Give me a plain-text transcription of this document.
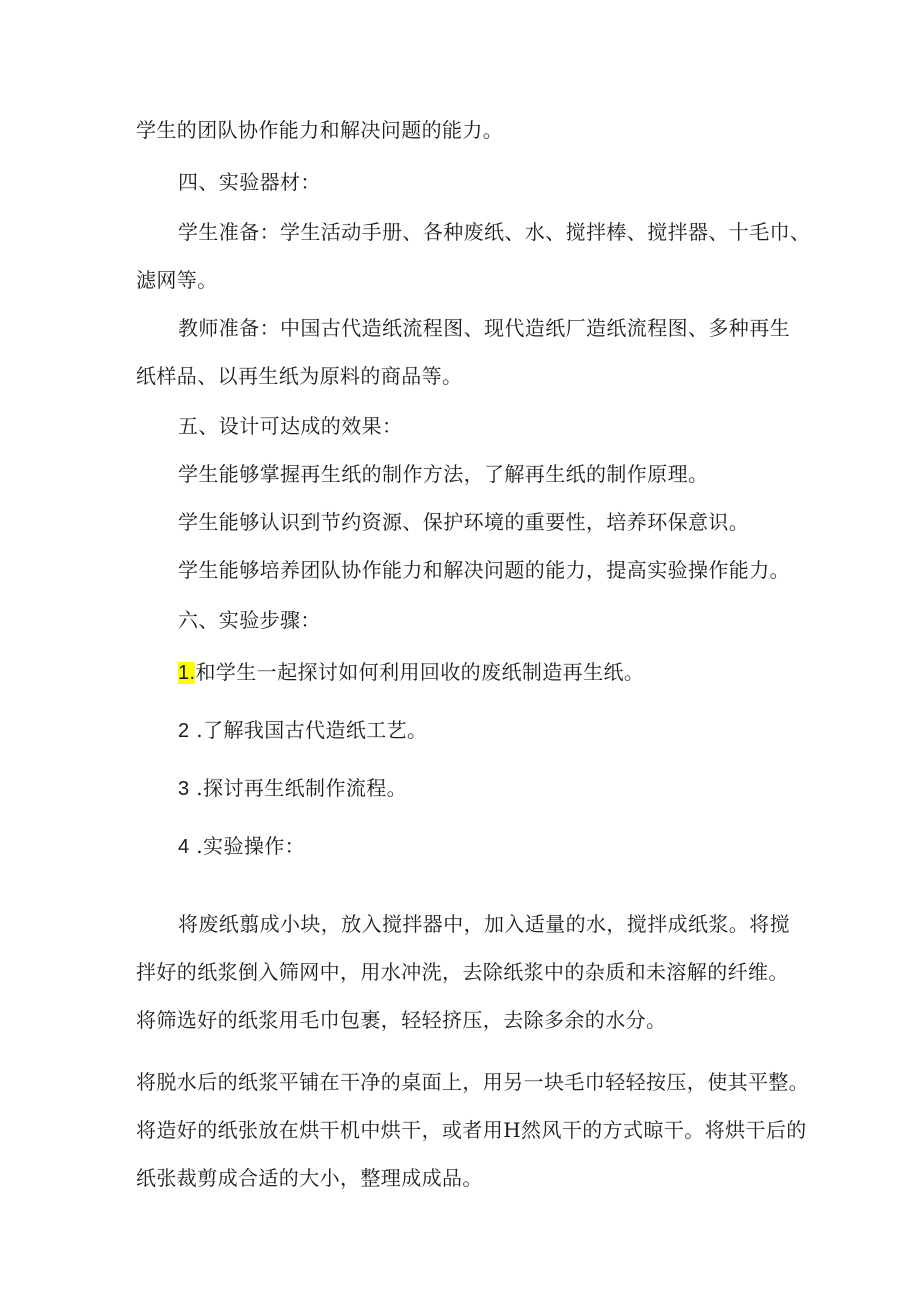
学生的团队协作能力和解决问题的能力。
四、实验器材：
学生准备：学生活动手册、各种废纸、水、搅拌棒、搅拌器、十毛巾、
滤网等。
教师准备：中国古代造纸流程图、现代造纸厂造纸流程图、多种再生
纸样品、以再生纸为原料的商品等。
五、设计可达成的效果：
学生能够掌握再生纸的制作方法，了解再生纸的制作原理。
学生能够认识到节约资源、保护环境的重要性，培养环保意识。
学生能够培养团队协作能力和解决问题的能力，提高实验操作能力。
六、实验步骤：
1.和学生一起探讨如何利用回收的废纸制造再生纸。
2 .了解我国古代造纸工艺。
3 .探讨再生纸制作流程。
4 .实验操作：
将废纸翦成小块，放入搅拌器中，加入适量的水，搅拌成纸浆。将搅
拌好的纸浆倒入筛网中，用水冲洗，去除纸浆中的杂质和未溶解的纤维。
将筛选好的纸浆用毛巾包裹，轻轻挤压，去除多余的水分。
将脱水后的纸浆平铺在干净的桌面上，用另一块毛巾轻轻按压，使其平整。
将造好的纸张放在烘干机中烘干，或者用H然风干的方式晾干。将烘干后的
纸张裁剪成合适的大小，整理成成品。
